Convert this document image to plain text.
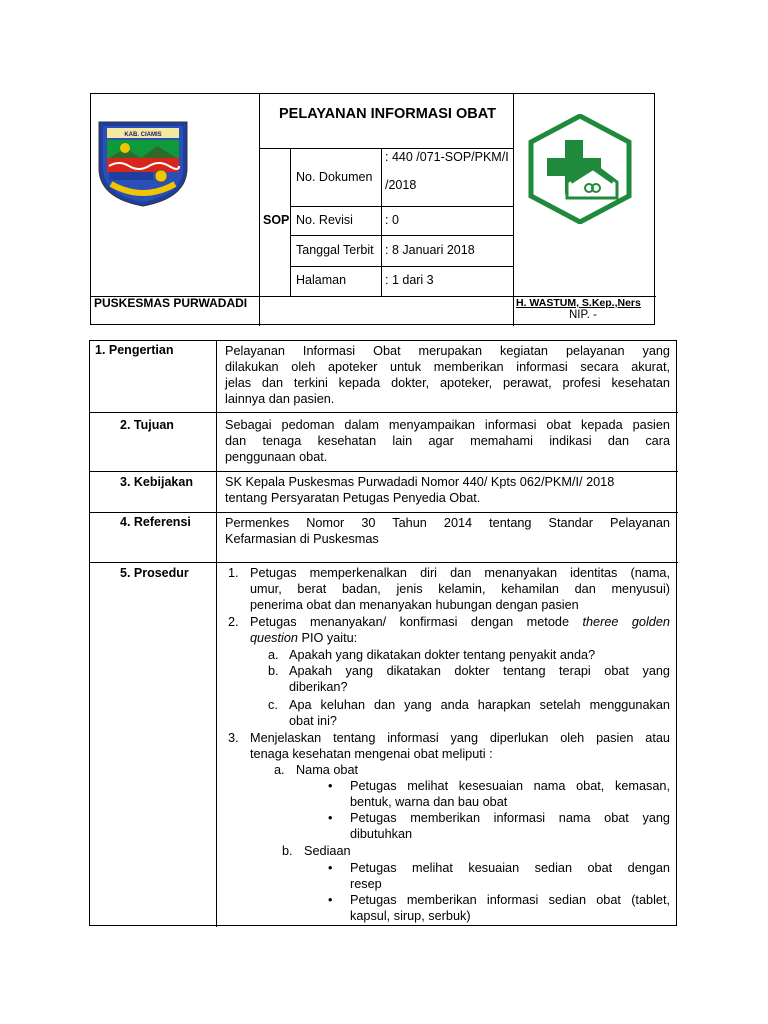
KAB. CIAMIS
PELAYANAN INFORMASI OBAT
SOP
No. Dokumen
: 440 /071-SOP/PKM/I
/2018
No. Revisi	: 0
Tanggal Terbit : 8 Januari 2018
Halaman	: 1 dari 3
PUSKESMAS PURWADADI	H. WASTUM, S.Kep.,Ners
NIP. -
1. Pengertian	Pelayanan Informasi Obat merupakan kegiatan pelayanan yang
dilakukan oleh apoteker untuk memberikan informasi secara akurat,
jelas dan terkini kepada dokter, apoteker, perawat, profesi kesehatan
lainnya dan pasien.
2. Tujuan	Sebagai pedoman dalam menyampaikan informasi obat kepada pasien
dan tenaga kesehatan lain agar memahami indikasi dan cara
penggunaan obat.
3. Kebijakan	SK Kepala Puskesmas Purwadadi Nomor 440/ Kpts 062/PKM/I/ 2018
tentang Persyaratan Petugas Penyedia Obat.
4. Referensi	Permenkes Nomor 30 Tahun 2014 tentang Standar Pelayanan
Kefarmasian di Puskesmas
5. Prosedur	1. Petugas memperkenalkan diri dan menanyakan identitas (nama,
umur, berat badan, jenis kelamin, kehamilan dan menyusui)
penerima obat dan menanyakan hubungan dengan pasien
2. Petugas menanyakan/ konfirmasi dengan metode theree golden
question PIO yaitu:
a. Apakah yang dikatakan dokter tentang penyakit anda?
b. Apakah yang dikatakan dokter tentang terapi obat yang
diberikan?
c. Apa keluhan dan yang anda harapkan setelah menggunakan
obat ini?
3. Menjelaskan tentang informasi yang diperlukan oleh pasien atau
tenaga kesehatan mengenai obat meliputi :
a. Nama obat
• Petugas melihat kesesuaian nama obat, kemasan,
bentuk, warna dan bau obat
• Petugas memberikan informasi nama obat yang
dibutuhkan
b. Sediaan
• Petugas melihat kesuaian sedian obat dengan
resep
• Petugas memberikan informasi sedian obat (tablet,
kapsul, sirup, serbuk)
